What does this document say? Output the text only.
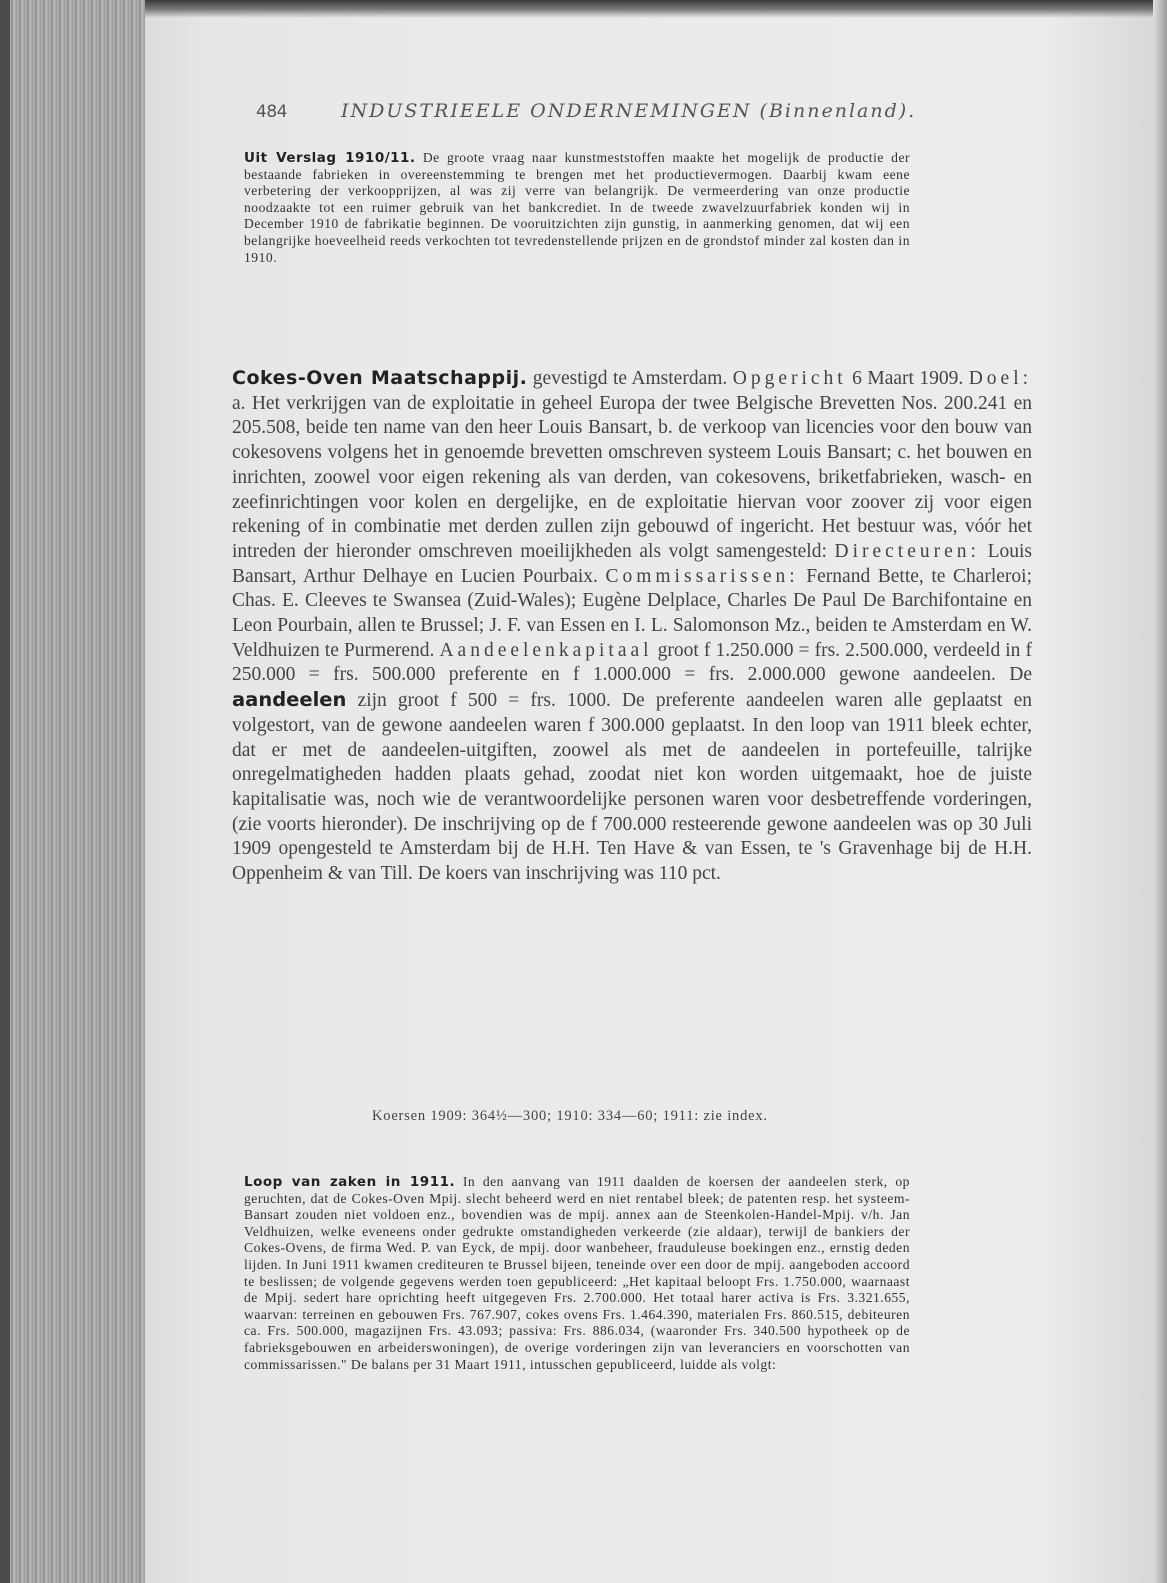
484	INDUSTRIEELE ONDERNEMINGEN (Binnenland).
Uit Verslag 1910/11. De groote vraag naar kunstmeststoffen maakte het mogelijk de productie der bestaande fabrieken in overeenstemming te brengen met het productievermogen. Daarbij kwam eene verbetering der verkoopprijzen, al was zij verre van belangrijk. De vermeerdering van onze productie noodzaakte tot een ruimer gebruik van het bankcrediet. In de tweede zwavelzuurfabriek konden wij in December 1910 de fabrikatie beginnen. De vooruitzichten zijn gunstig, in aanmerking genomen, dat wij een belangrijke hoeveelheid reeds verkochten tot tevredenstellende prijzen en de grondstof minder zal kosten dan in 1910.
Cokes-Oven Maatschappij. gevestigd te Amsterdam. Opgericht 6 Maart 1909. Doel: a. Het verkrijgen van de exploitatie in geheel Europa der twee Belgische Brevetten Nos. 200.241 en 205.508, beide ten name van den heer Louis Bansart, b. de verkoop van licencies voor den bouw van cokesovens volgens het in genoemde brevetten omschreven systeem Louis Bansart; c. het bouwen en inrichten, zoowel voor eigen rekening als van derden, van cokesovens, briketfabrieken, wasch- en zeefinrichtingen voor kolen en dergelijke, en de exploitatie hiervan voor zoover zij voor eigen rekening of in combinatie met derden zullen zijn gebouwd of ingericht. Het bestuur was, vóór het intreden der hieronder omschreven moeilijkheden als volgt samengesteld: Directeuren: Louis Bansart, Arthur Delhaye en Lucien Pourbaix. Commissarissen: Fernand Bette, te Charleroi; Chas. E. Cleeves te Swansea (Zuid-Wales); Eugène Delplace, Charles De Paul De Barchifontaine en Leon Pourbain, allen te Brussel; J. F. van Essen en I. L. Salomonson Mz., beiden te Amsterdam en W. Veldhuizen te Purmerend. Aandeelenkapitaal groot f 1.250.000 = frs. 2.500.000, verdeeld in f 250.000 = frs. 500.000 preferente en f 1.000.000 = frs. 2.000.000 gewone aandeelen. De aandeelen zijn groot f 500 = frs. 1000. De preferente aandeelen waren alle geplaatst en volgestort, van de gewone aandeelen waren f 300.000 geplaatst. In den loop van 1911 bleek echter, dat er met de aandeelen-uitgiften, zoowel als met de aandeelen in portefeuille, talrijke onregelmatigheden hadden plaats gehad, zoodat niet kon worden uitgemaakt, hoe de juiste kapitalisatie was, noch wie de verantwoordelijke personen waren voor desbetreffende vorderingen, (zie voorts hieronder). De inschrijving op de f 700.000 resteerende gewone aandeelen was op 30 Juli 1909 opengesteld te Amsterdam bij de H.H. Ten Have & van Essen, te 's Gravenhage bij de H.H. Oppenheim & van Till. De koers van inschrijving was 110 pct.
Koersen 1909: 364½—300; 1910: 334—60; 1911: zie index.
Loop van zaken in 1911. In den aanvang van 1911 daalden de koersen der aandeelen sterk, op geruchten, dat de Cokes-Oven Mpij. slecht beheerd werd en niet rentabel bleek; de patenten resp. het systeem-Bansart zouden niet voldoen enz., bovendien was de mpij. annex aan de Steenkolen-Handel-Mpij. v/h. Jan Veldhuizen, welke eveneens onder gedrukte omstandigheden verkeerde (zie aldaar), terwijl de bankiers der Cokes-Ovens, de firma Wed. P. van Eyck, de mpij. door wanbeheer, frauduleuse boekingen enz., ernstig deden lijden. In Juni 1911 kwamen crediteuren te Brussel bijeen, teneinde over een door de mpij. aangeboden accoord te beslissen; de volgende gegevens werden toen gepubliceerd: „Het kapitaal beloopt Frs. 1.750.000, waarnaast de Mpij. sedert hare oprichting heeft uitgegeven Frs. 2.700.000. Het totaal harer activa is Frs. 3.321.655, waarvan: terreinen en gebouwen Frs. 767.907, cokes ovens Frs. 1.464.390, materialen Frs. 860.515, debiteuren ca. Frs. 500.000, magazijnen Frs. 43.093; passiva: Frs. 886.034, (waaronder Frs. 340.500 hypotheek op de fabrieksgebouwen en arbeiderswoningen), de overige vorderingen zijn van leveranciers en voorschotten van commissarissen." De balans per 31 Maart 1911, intusschen gepubliceerd, luidde als volgt:
